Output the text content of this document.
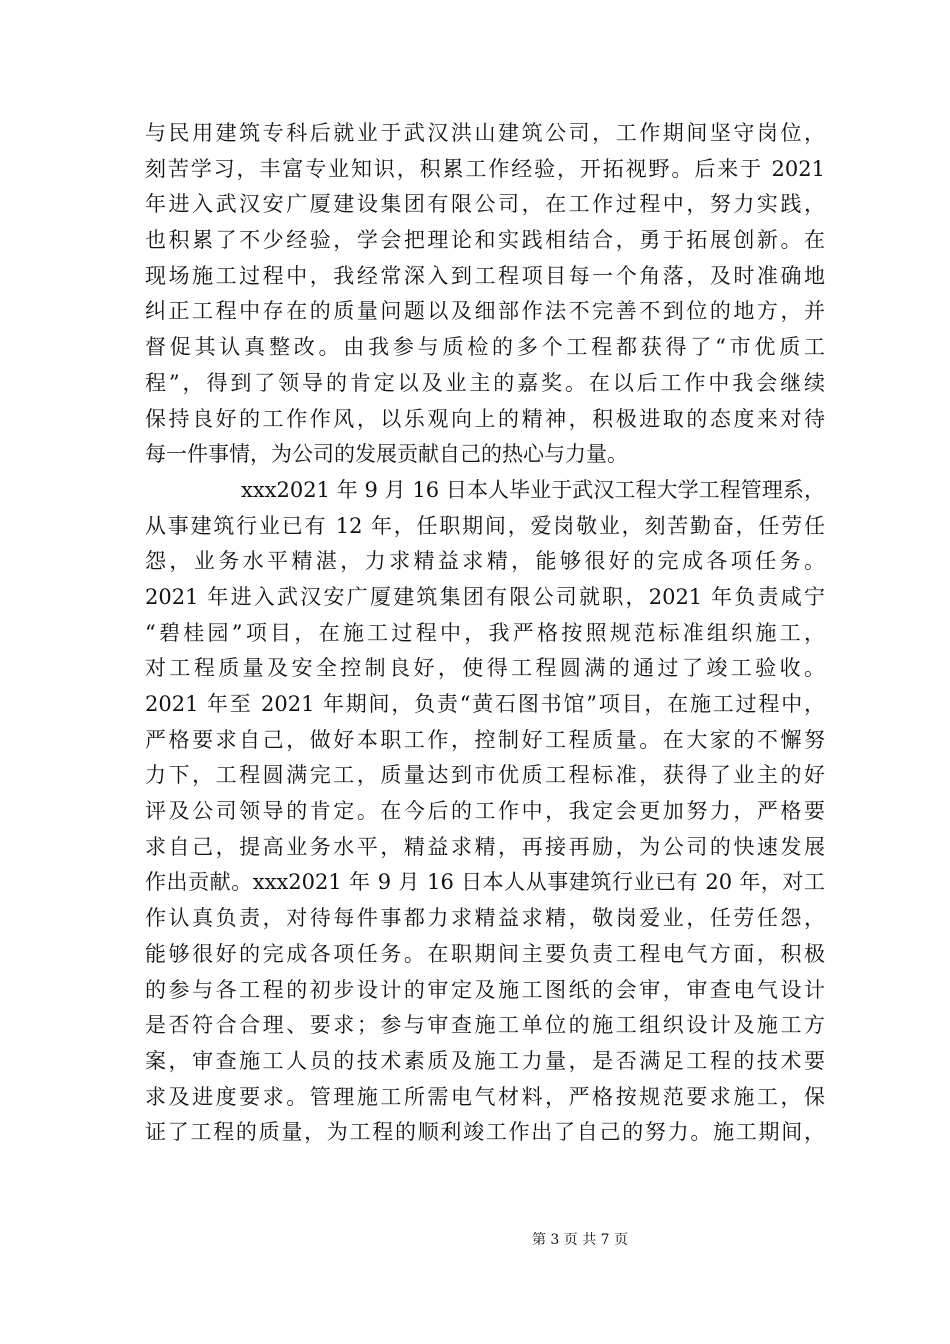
与民用建筑专科后就业于武汉洪山建筑公司，工作期间坚守岗位，
刻苦学习，丰富专业知识，积累工作经验，开拓视野。后来于 2021
年进入武汉安广厦建设集团有限公司，在工作过程中，努力实践，
也积累了不少经验，学会把理论和实践相结合，勇于拓展创新。在
现场施工过程中，我经常深入到工程项目每一个角落，及时准确地
纠正工程中存在的质量问题以及细部作法不完善不到位的地方，并
督促其认真整改。由我参与质检的多个工程都获得了“市优质工
程”，得到了领导的肯定以及业主的嘉奖。在以后工作中我会继续
保持良好的工作作风，以乐观向上的精神，积极进取的态度来对待
每一件事情，为公司的发展贡献自己的热心与力量。
xxx2021 年 9 月 16 日本人毕业于武汉工程大学工程管理系，
从事建筑行业已有 12 年，任职期间，爱岗敬业，刻苦勤奋，任劳任
怨，业务水平精湛，力求精益求精，能够很好的完成各项任务。
2021 年进入武汉安广厦建筑集团有限公司就职，2021 年负责咸宁
“碧桂园”项目，在施工过程中，我严格按照规范标准组织施工，
对工程质量及安全控制良好，使得工程圆满的通过了竣工验收。
2021 年至 2021 年期间，负责“黄石图书馆”项目，在施工过程中，
严格要求自己，做好本职工作，控制好工程质量。在大家的不懈努
力下，工程圆满完工，质量达到市优质工程标准，获得了业主的好
评及公司领导的肯定。在今后的工作中，我定会更加努力，严格要
求自己，提高业务水平，精益求精，再接再励，为公司的快速发展
作出贡献。xxx2021 年 9 月 16 日本人从事建筑行业已有 20 年，对工
作认真负责，对待每件事都力求精益求精，敬岗爱业，任劳任怨，
能够很好的完成各项任务。在职期间主要负责工程电气方面，积极
的参与各工程的初步设计的审定及施工图纸的会审，审查电气设计
是否符合合理、要求；参与审查施工单位的施工组织设计及施工方
案，审查施工人员的技术素质及施工力量，是否满足工程的技术要
求及进度要求。管理施工所需电气材料，严格按规范要求施工，保
证了工程的质量，为工程的顺利竣工作出了自己的努力。施工期间，
第 3 页 共 7 页
